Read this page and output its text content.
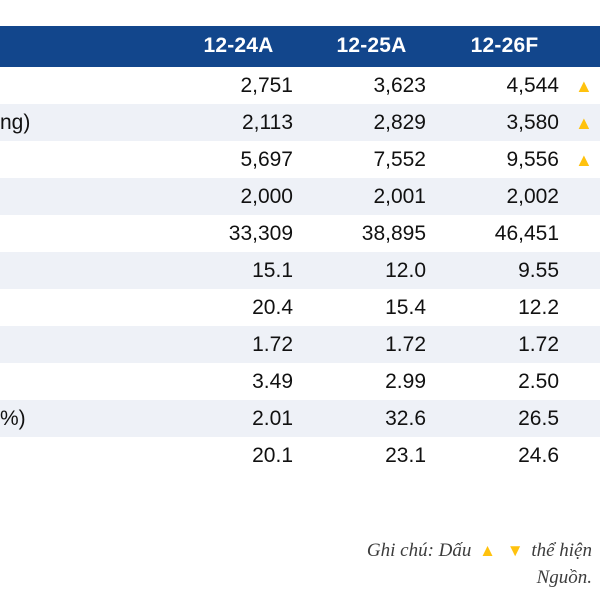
	12-24A	12-25A	12-26F	
	2,751	3,623	4,544	▲
ng)	2,113	2,829	3,580	▲
	5,697	7,552	9,556	▲
	2,000	2,001	2,002	
	33,309	38,895	46,451	
	15.1	12.0	9.55	
	20.4	15.4	12.2	
	1.72	1.72	1.72	
	3.49	2.99	2.50	
%)	2.01	32.6	26.5	
	20.1	23.1	24.6	
Ghi chú: Dấu ▲ ▼ thể hiện
Nguồn.
